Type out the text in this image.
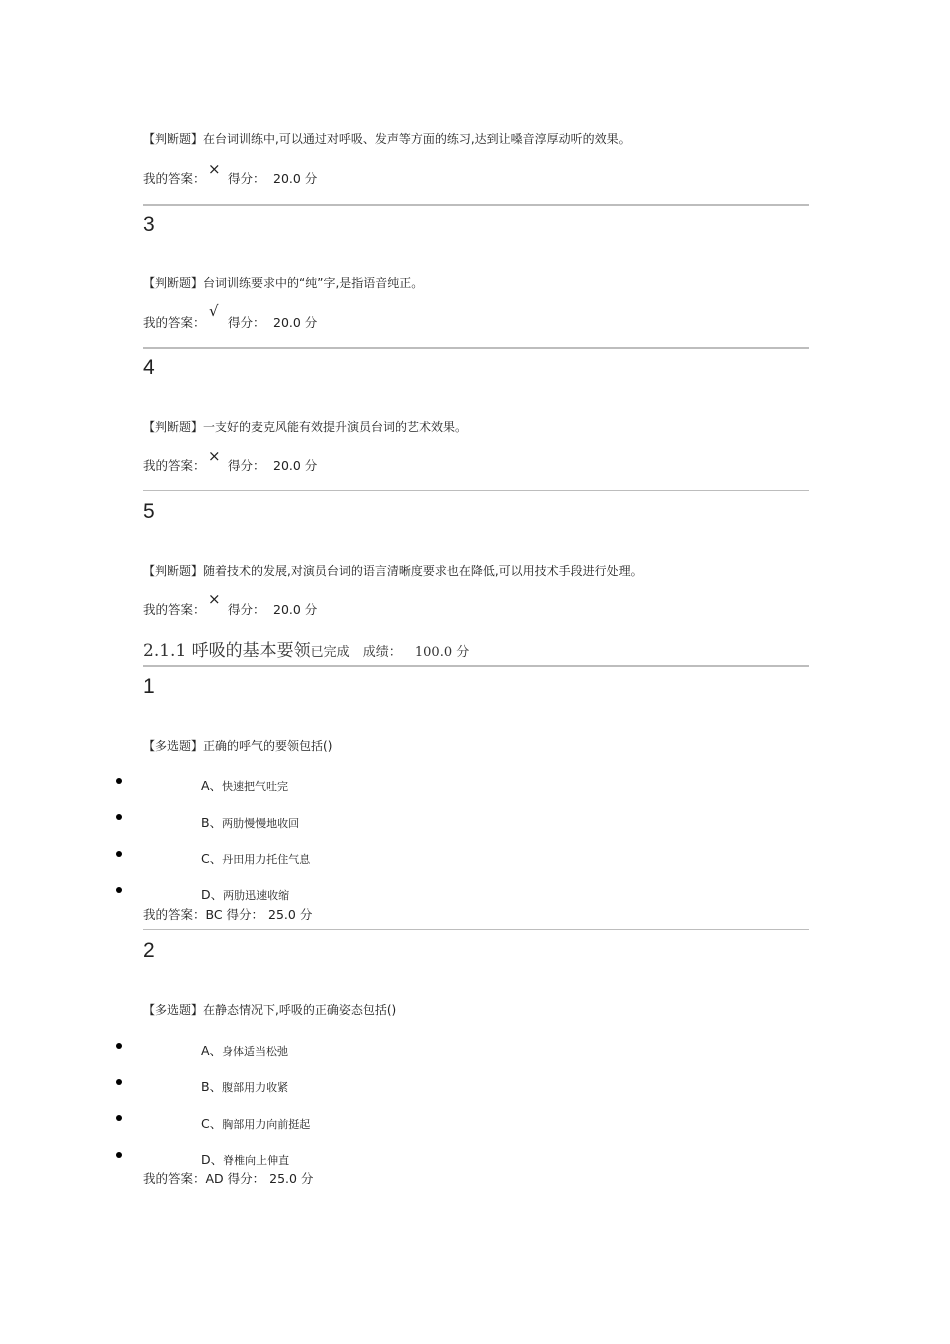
【判断题】在台词训练中,可以通过对呼吸、发声等方面的练习,达到让嗓音淳厚动听的效果。
我的答案：
×
得分： 20.0 分
3
【判断题】台词训练要求中的“纯”字,是指语音纯正。
我的答案：
√
得分： 20.0 分
4
【判断题】一支好的麦克风能有效提升演员台词的艺术效果。
我的答案：
×
得分： 20.0 分
5
【判断题】随着技术的发展,对演员台词的语言清晰度要求也在降低,可以用技术手段进行处理。
我的答案：
×
得分： 20.0 分
2.1.1 呼吸的基本要领已完成 成绩： 100.0 分
1
【多选题】正确的呼气的要领包括()
A、快速把气吐完
B、两肋慢慢地收回
C、丹田用力托住气息
D、两肋迅速收缩
我的答案：BC 得分： 25.0 分
2
【多选题】在静态情况下,呼吸的正确姿态包括()
A、身体适当松弛
B、腹部用力收紧
C、胸部用力向前挺起
D、脊椎向上伸直
我的答案：AD 得分： 25.0 分
